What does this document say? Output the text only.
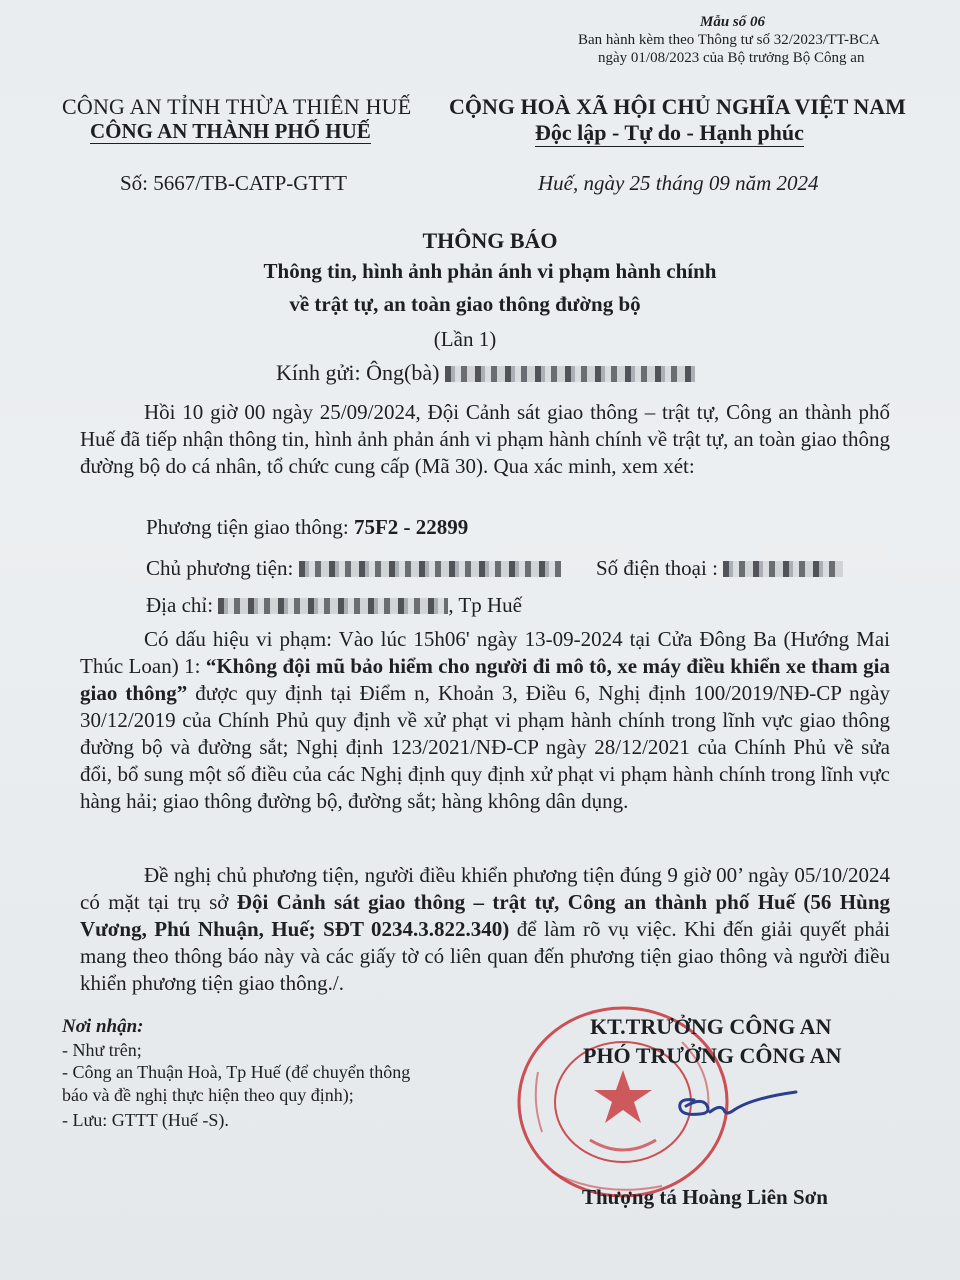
Mẫu số 06
Ban hành kèm theo Thông tư số 32/2023/TT-BCA
ngày 01/08/2023 của Bộ trưởng Bộ Công an
CÔNG AN TỈNH THỪA THIÊN HUẾ
CÔNG AN THÀNH PHỐ HUẾ
CỘNG HOÀ XÃ HỘI CHỦ NGHĨA VIỆT NAM
Độc lập - Tự do - Hạnh phúc
Số: 5667/TB-CATP-GTTT	Huế, ngày 25 tháng 09 năm 2024
THÔNG BÁO
Thông tin, hình ảnh phản ánh vi phạm hành chính
về trật tự, an toàn giao thông đường bộ
(Lần 1)
Kính gửi: Ông(bà)
Hồi 10 giờ 00 ngày 25/09/2024, Đội Cảnh sát giao thông – trật tự, Công an thành phố Huế đã tiếp nhận thông tin, hình ảnh phản ánh vi phạm hành chính về trật tự, an toàn giao thông đường bộ do cá nhân, tổ chức cung cấp (Mã 30). Qua xác minh, xem xét:
Phương tiện giao thông: 75F2 - 22899
Chủ phương tiện:	Số điện thoại :
Địa chỉ:	, Tp Huế
Có dấu hiệu vi phạm: Vào lúc 15h06' ngày 13-09-2024 tại Cửa Đông Ba (Hướng Mai Thúc Loan) 1: “Không đội mũ bảo hiểm cho người đi mô tô, xe máy điều khiển xe tham gia giao thông” được quy định tại Điểm n, Khoản 3, Điều 6, Nghị định 100/2019/NĐ-CP ngày 30/12/2019 của Chính Phủ quy định về xử phạt vi phạm hành chính trong lĩnh vực giao thông đường bộ và đường sắt; Nghị định 123/2021/NĐ-CP ngày 28/12/2021 của Chính Phủ về sửa đổi, bổ sung một số điều của các Nghị định quy định xử phạt vi phạm hành chính trong lĩnh vực hàng hải; giao thông đường bộ, đường sắt; hàng không dân dụng.
Đề nghị chủ phương tiện, người điều khiển phương tiện đúng 9 giờ 00’ ngày 05/10/2024 có mặt tại trụ sở Đội Cảnh sát giao thông – trật tự, Công an thành phố Huế (56 Hùng Vương, Phú Nhuận, Huế; SĐT 0234.3.822.340) để làm rõ vụ việc. Khi đến giải quyết phải mang theo thông báo này và các giấy tờ có liên quan đến phương tiện giao thông và người điều khiển phương tiện giao thông./.
Nơi nhận:
- Như trên;
- Công an Thuận Hoà, Tp Huế (để chuyển thông
báo và đề nghị thực hiện theo quy định);
- Lưu: GTTT (Huế -S).
KT.TRƯỞNG CÔNG AN
PHÓ TRƯỞNG CÔNG AN
Thượng tá Hoàng Liên Sơn
